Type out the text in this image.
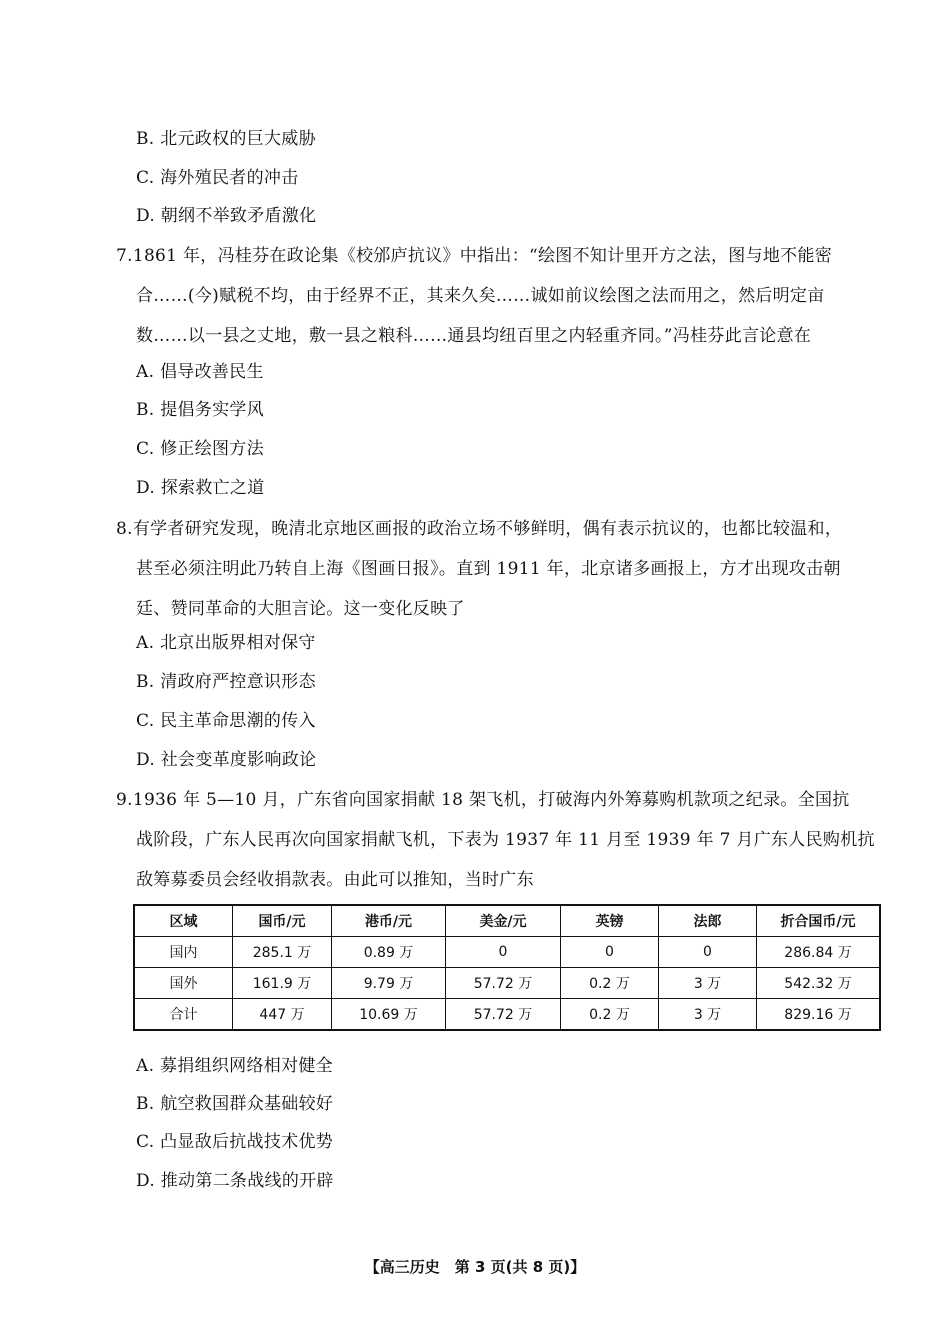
B. 北元政权的巨大威胁
C. 海外殖民者的冲击
D. 朝纲不举致矛盾激化
7.1861 年，冯桂芬在政论集《校邠庐抗议》中指出：“绘图不知计里开方之法，图与地不能密
合……(今)赋税不均，由于经界不正，其来久矣……诚如前议绘图之法而用之，然后明定亩
数……以一县之丈地，敷一县之粮科……通县均纽百里之内轻重齐同。”冯桂芬此言论意在
A. 倡导改善民生
B. 提倡务实学风
C. 修正绘图方法
D. 探索救亡之道
8.有学者研究发现，晚清北京地区画报的政治立场不够鲜明，偶有表示抗议的，也都比较温和，
甚至必须注明此乃转自上海《图画日报》。直到 1911 年，北京诸多画报上，方才出现攻击朝
廷、赞同革命的大胆言论。这一变化反映了
A. 北京出版界相对保守
B. 清政府严控意识形态
C. 民主革命思潮的传入
D. 社会变革度影响政论
9.1936 年 5—10 月，广东省向国家捐献 18 架飞机，打破海内外筹募购机款项之纪录。全国抗
战阶段，广东人民再次向国家捐献飞机，下表为 1937 年 11 月至 1939 年 7 月广东人民购机抗
敌筹募委员会经收捐款表。由此可以推知，当时广东
区域	国币/元	港币/元	美金/元	英镑	法郎	折合国币/元
国内	285.1 万	0.89 万	0	0	0	286.84 万
国外	161.9 万	9.79 万	57.72 万	0.2 万	3 万	542.32 万
合计	447 万	10.69 万	57.72 万	0.2 万	3 万	829.16 万
A. 募捐组织网络相对健全
B. 航空救国群众基础较好
C. 凸显敌后抗战技术优势
D. 推动第二条战线的开辟
【高三历史　第 3 页(共 8 页)】
